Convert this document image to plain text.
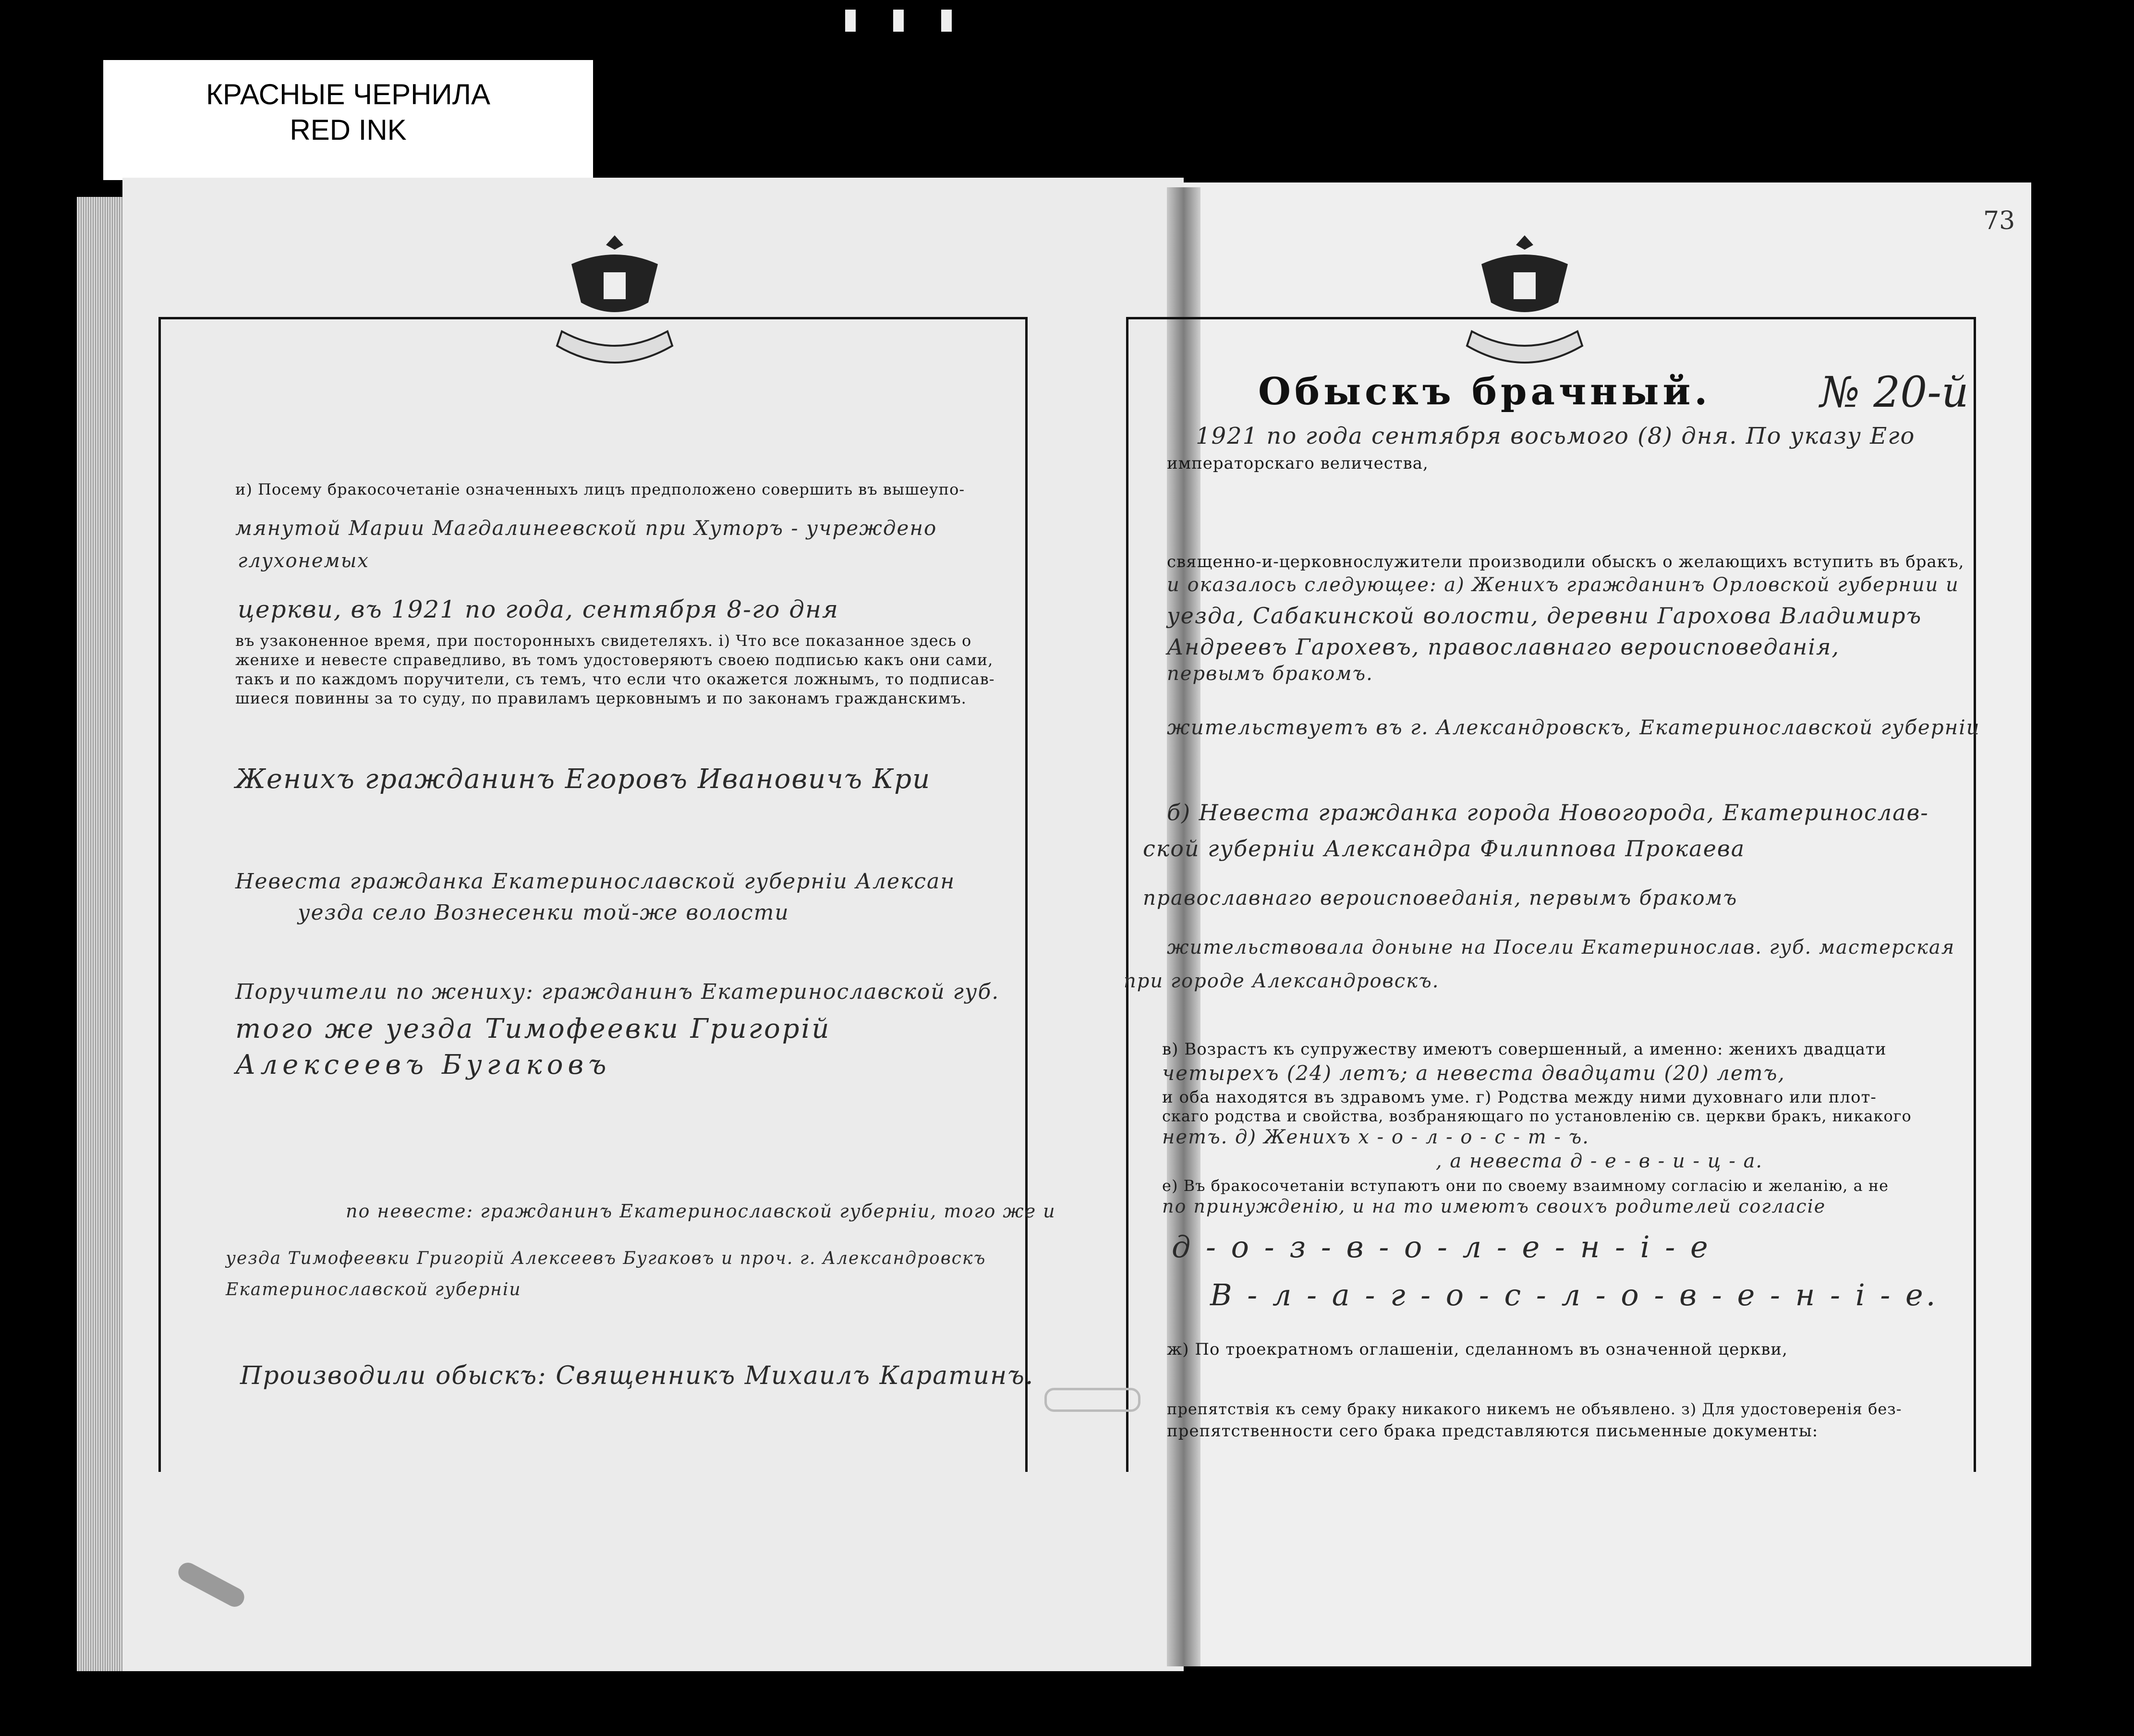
КРАСНЫЕ ЧЕРНИЛА
RED INK
73
Обыскъ брачный.	№ 20-й
1921 по года сентября восьмого (8) дня. По указу Его
императорскаго величества,
священно-и-церковнослужители производили обыскъ о желающихъ вступить въ бракъ,
и оказалось следующее: а) Женихъ гражданинъ Орловской губернии и
уезда, Сабакинской волости, деревни Гарохова Владимиръ
Андреевъ Гарохевъ, православнаго вероисповеданія,
первымъ бракомъ.
жительствуетъ въ г. Александровскъ, Екатеринославской губерніи
б) Невеста гражданка города Новогорода, Екатеринослав-
ской губерніи Александра Филиппова Прокаева
православнаго вероисповеданія, первымъ бракомъ
жительствовала доныне на Посели Екатеринослав. губ. мастерская
при городе Александровскъ.
в) Возрастъ къ супружеству имеютъ совершенный, а именно: женихъ двадцати
четырехъ (24) летъ; а невеста двадцати (20) летъ,
и оба находятся въ здравомъ уме. г) Родства между ними духовнаго или плот-
скаго родства и свойства, возбраняющаго по установленію св. церкви бракъ, никакого
нетъ. д) Женихъ х - о - л - о - с - т - ъ.
, а невеста д - е - в - и - ц - а.
е) Въ бракосочетаніи вступаютъ они по своему взаимному согласію и желанію, а не
по принужденію, и на то имеютъ своихъ родителей согласіе
д - о - з - в - о - л - е - н - і - е
В - л - а - г - о - с - л - о - в - е - н - і - е.
ж) По троекратномъ оглашеніи, сделанномъ въ означенной церкви,
препятствія къ сему браку никакого никемъ не объявлено. з) Для удостоверенія без-
препятственности сего брака представляются письменные документы:
и) Посему бракосочетаніе означенныхъ лицъ предположено совершить въ вышеупо-
мянутой Марии Магдалинеевской при Хуторъ - учреждено
глухонемых
церкви, въ 1921 по года, сентября 8-го дня
въ узаконенное время, при посторонныхъ свидетеляхъ. і) Что все показанное здесь о
женихе и невесте справедливо, въ томъ удостоверяютъ своею подписью какъ они сами,
такъ и по каждомъ поручители, съ темъ, что если что окажется ложнымъ, то подписав-
шиеся повинны за то суду, по правиламъ церковнымъ и по законамъ гражданскимъ.
Женихъ гражданинъ Егоровъ Ивановичъ Кри
Невеста гражданка Екатеринославской губерніи Алексан
уезда село Вознесенки той-же волости
Поручители по жениху: гражданинъ Екатеринославской губ.
того же уезда Тимофеевки Григорій
Алексеевъ Бугаковъ
по невесте: гражданинъ Екатеринославской губерніи, того же и
уезда Тимофеевки Григорій Алексеевъ Бугаковъ и проч. г. Александровскъ
Екатеринославской губерніи
Производили обыскъ: Священникъ Михаилъ Каратинъ.
